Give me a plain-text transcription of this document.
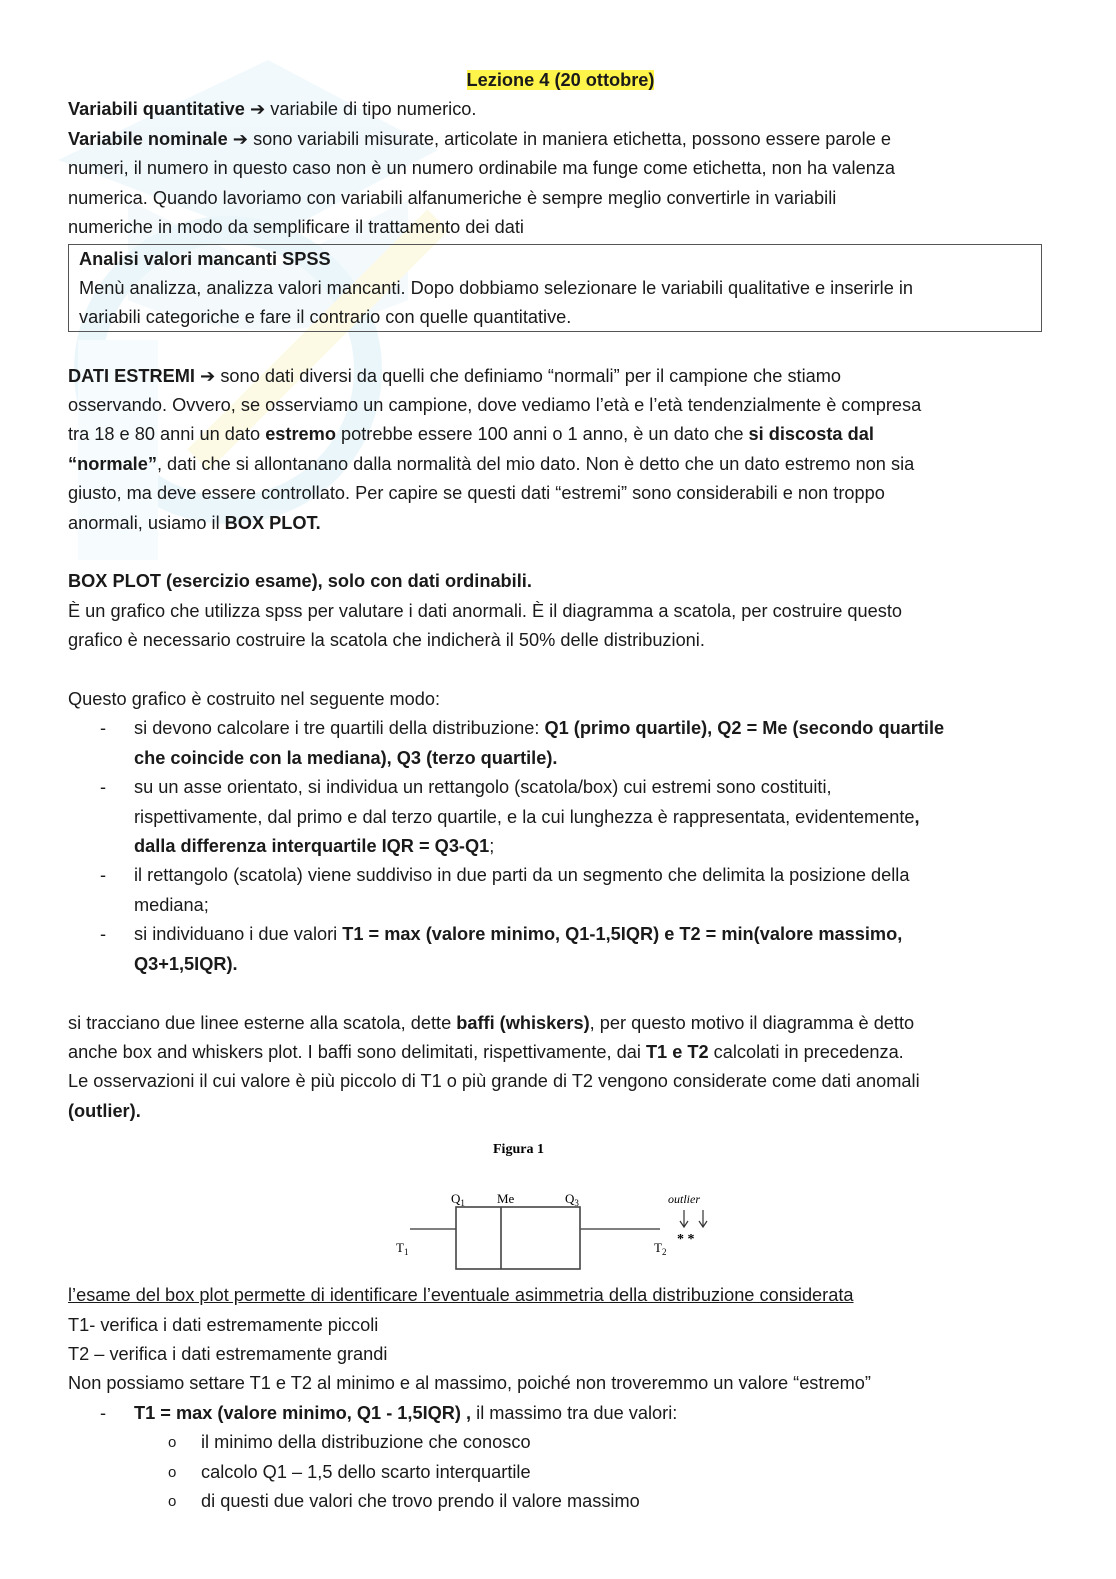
Lezione 4 (20 ottobre)
Variabili quantitative ➔ variabile di tipo numerico.
Variabile nominale ➔ sono variabili misurate, articolate in maniera etichetta, possono essere parole e
numeri, il numero in questo caso non è un numero ordinabile ma funge come etichetta, non ha valenza
numerica. Quando lavoriamo con variabili alfanumeriche è sempre meglio convertirle in variabili
numeriche in modo da semplificare il trattamento dei dati
Analisi valori mancanti SPSS
Menù analizza, analizza valori mancanti. Dopo dobbiamo selezionare le variabili qualitative e inserirle in
variabili categoriche e fare il contrario con quelle quantitative.
DATI ESTREMI ➔ sono dati diversi da quelli che definiamo “normali” per il campione che stiamo
osservando. Ovvero, se osserviamo un campione, dove vediamo l’età e l’età tendenzialmente è compresa
tra 18 e 80 anni un dato estremo potrebbe essere 100 anni o 1 anno, è un dato che si discosta dal
“normale”, dati che si allontanano dalla normalità del mio dato. Non è detto che un dato estremo non sia
giusto, ma deve essere controllato. Per capire se questi dati “estremi” sono considerabili e non troppo
anormali, usiamo il BOX PLOT.
BOX PLOT (esercizio esame), solo con dati ordinabili.
È un grafico che utilizza spss per valutare i dati anormali. È il diagramma a scatola, per costruire questo
grafico è necessario costruire la scatola che indicherà il 50% delle distribuzioni.
Questo grafico è costruito nel seguente modo:
- si devono calcolare i tre quartili della distribuzione: Q1 (primo quartile), Q2 = Me (secondo quartile
che coincide con la mediana), Q3 (terzo quartile).
- su un asse orientato, si individua un rettangolo (scatola/box) cui estremi sono costituiti,
rispettivamente, dal primo e dal terzo quartile, e la cui lunghezza è rappresentata, evidentemente,
dalla differenza interquartile IQR = Q3-Q1;
- il rettangolo (scatola) viene suddiviso in due parti da un segmento che delimita la posizione della
mediana;
- si individuano i due valori T1 = max (valore minimo, Q1-1,5IQR) e T2 = min(valore massimo,
Q3+1,5IQR).
si tracciano due linee esterne alla scatola, dette baffi (whiskers), per questo motivo il diagramma è detto
anche box and whiskers plot. I baffi sono delimitati, rispettivamente, dai T1 e T2 calcolati in precedenza.
Le osservazioni il cui valore è più piccolo di T1 o più grande di T2 vengono considerate come dati anomali
(outlier).
Figura 1
$Q_1$ Me	$Q_3$	outlier
* *
$T_1$	$T_2$
l’esame del box plot permette di identificare l’eventuale asimmetria della distribuzione considerata
T1- verifica i dati estremamente piccoli
T2 – verifica i dati estremamente grandi
Non possiamo settare T1 e T2 al minimo e al massimo, poiché non troveremmo un valore “estremo”
- T1 = max (valore minimo, Q1 - 1,5IQR) , il massimo tra due valori:
o il minimo della distribuzione che conosco
o calcolo Q1 – 1,5 dello scarto interquartile
o di questi due valori che trovo prendo il valore massimo
